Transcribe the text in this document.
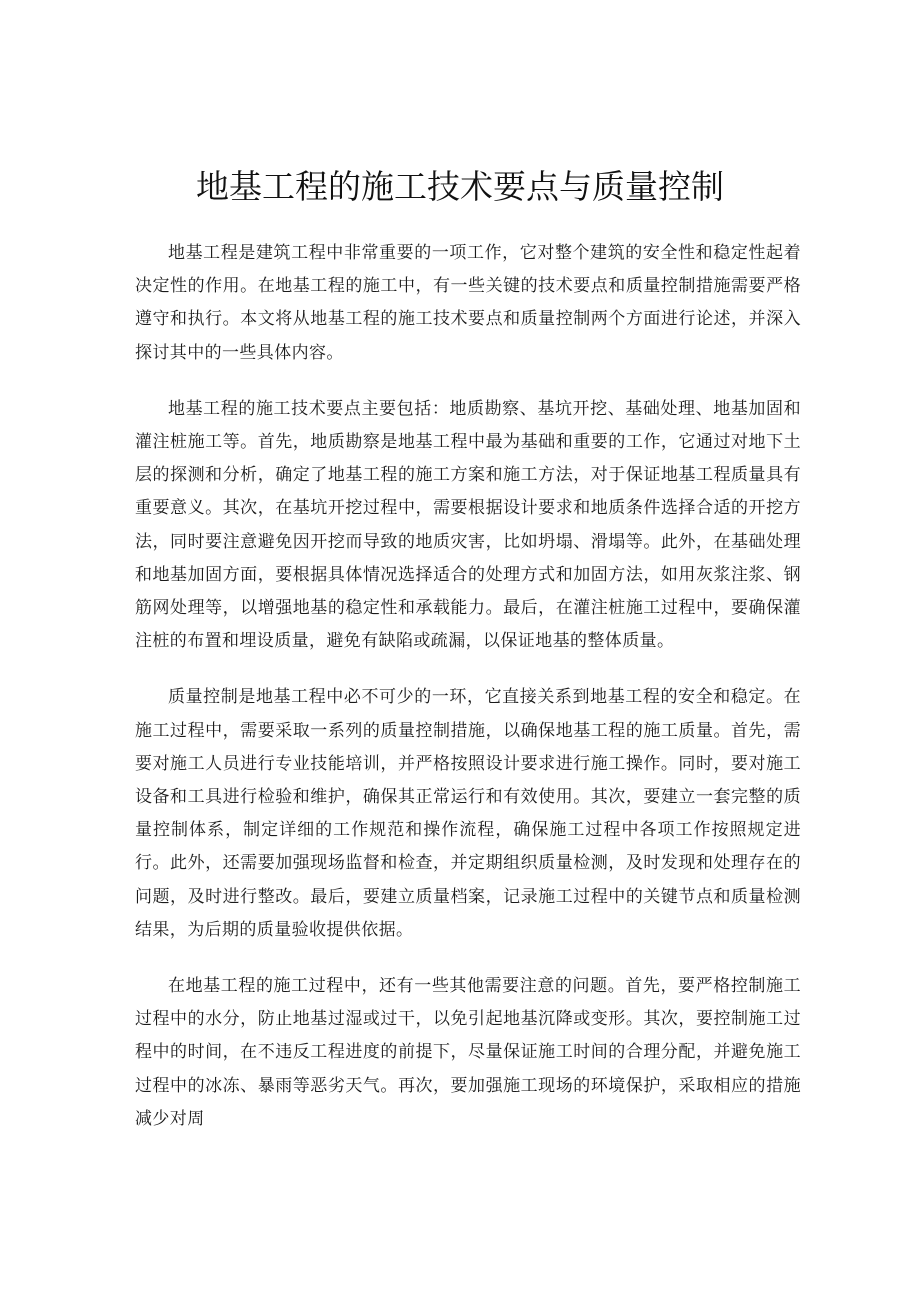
地基工程的施工技术要点与质量控制

地基工程是建筑工程中非常重要的一项工作，它对整个建筑的安全性和稳定性起着决定性的作用。在地基工程的施工中，有一些关键的技术要点和质量控制措施需要严格遵守和执行。本文将从地基工程的施工技术要点和质量控制两个方面进行论述，并深入探讨其中的一些具体内容。

地基工程的施工技术要点主要包括：地质勘察、基坑开挖、基础处理、地基加固和灌注桩施工等。首先，地质勘察是地基工程中最为基础和重要的工作，它通过对地下土层的探测和分析，确定了地基工程的施工方案和施工方法，对于保证地基工程质量具有重要意义。其次，在基坑开挖过程中，需要根据设计要求和地质条件选择合适的开挖方法，同时要注意避免因开挖而导致的地质灾害，比如坍塌、滑塌等。此外，在基础处理和地基加固方面，要根据具体情况选择适合的处理方式和加固方法，如用灰浆注浆、钢筋网处理等，以增强地基的稳定性和承载能力。最后，在灌注桩施工过程中，要确保灌注桩的布置和埋设质量，避免有缺陷或疏漏，以保证地基的整体质量。

质量控制是地基工程中必不可少的一环，它直接关系到地基工程的安全和稳定。在施工过程中，需要采取一系列的质量控制措施，以确保地基工程的施工质量。首先，需要对施工人员进行专业技能培训，并严格按照设计要求进行施工操作。同时，要对施工设备和工具进行检验和维护，确保其正常运行和有效使用。其次，要建立一套完整的质量控制体系，制定详细的工作规范和操作流程，确保施工过程中各项工作按照规定进行。此外，还需要加强现场监督和检查，并定期组织质量检测，及时发现和处理存在的问题，及时进行整改。最后，要建立质量档案，记录施工过程中的关键节点和质量检测结果，为后期的质量验收提供依据。

在地基工程的施工过程中，还有一些其他需要注意的问题。首先，要严格控制施工过程中的水分，防止地基过湿或过干，以免引起地基沉降或变形。其次，要控制施工过程中的时间，在不违反工程进度的前提下，尽量保证施工时间的合理分配，并避免施工过程中的冰冻、暴雨等恶劣天气。再次，要加强施工现场的环境保护，采取相应的措施减少对周
